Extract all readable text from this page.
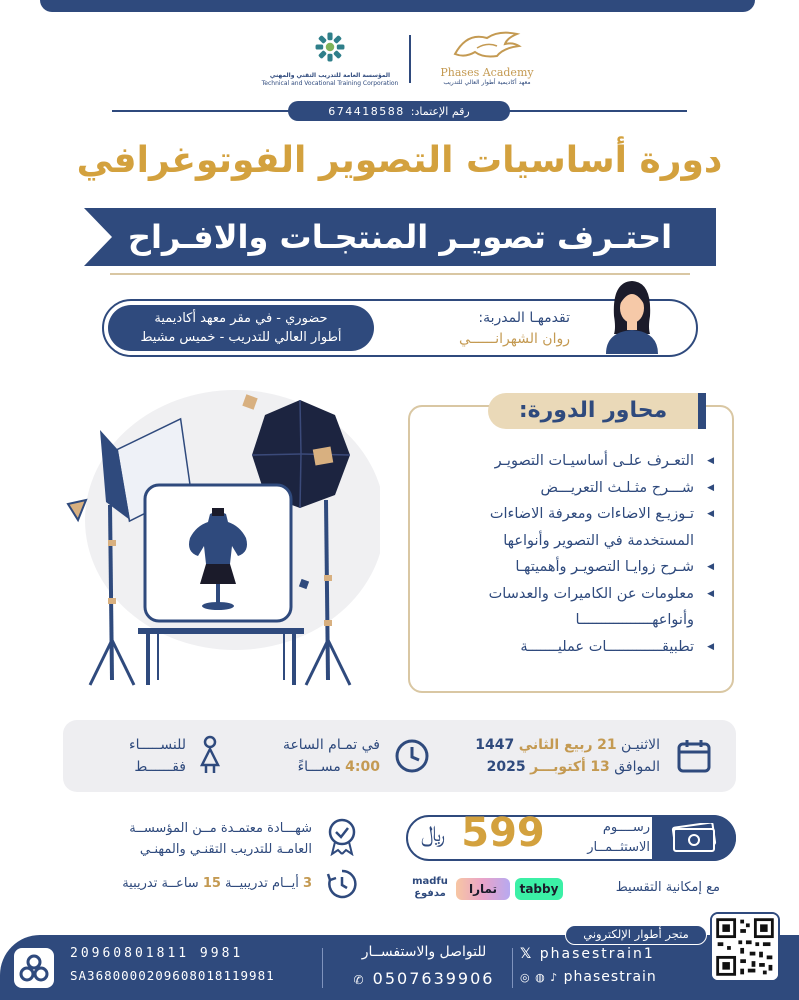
المؤسسة العامة للتدريب التقني والمهني
Technical and Vocational Training Corporation
Phases Academy
معهد أكاديمية أطوار العالي للتدريب
رقم الإعتماد:
674418588
دورة أساسيات التصوير الفوتوغرافي
احتـرف تصويـر المنتجـات والافـراح
حضوري - في مقر معهد أكاديمية
أطوار العالي للتدريب - خميس مشيط
تقدمهـا المدربة:
روان الشهرانــــــي
محاور الدورة:
◀
التعـرف علـى أساسيـات التصويـر
◀
شـــرح مثـلـث التعريـــض
◀
تـوزيـع الاضاءات ومعرفة الاضاءات المستخدمة في التصوير وأنواعها
◀
شـرح زوايـا التصويـر وأهميتهـا
◀
معلومات عن الكاميرات والعدسات وأنواعهـــــــــــــــــا
◀
تطبيقـــــــــــــات عمليـــــــة
الاثنيـن 21 ربيع الثاني 1447
الموافق 13 أكتوبـــر 2025
في تمـام الساعة
4:00 مســـاءً
للنســـــاء
فقــــــط
رســــوم
الاستثــمــار
599
﷼
شهـــادة معتمـدة مــن المؤسســة
العامـة للتدريب التقنـي والمهنـي
3 أيــام تدريبيــة 15 ساعــة تدريبية	مع إمكانية التقسيط
tabby
تمارا
madfu
مدفوع
20960801811 9981
SA3680000209608018119981
للتواصل والاستفســار
✆ 0507639906
𝕏 phasestrain1
◎ ◍ ♪ phasestrain
متجر أطوار الإلكتروني
